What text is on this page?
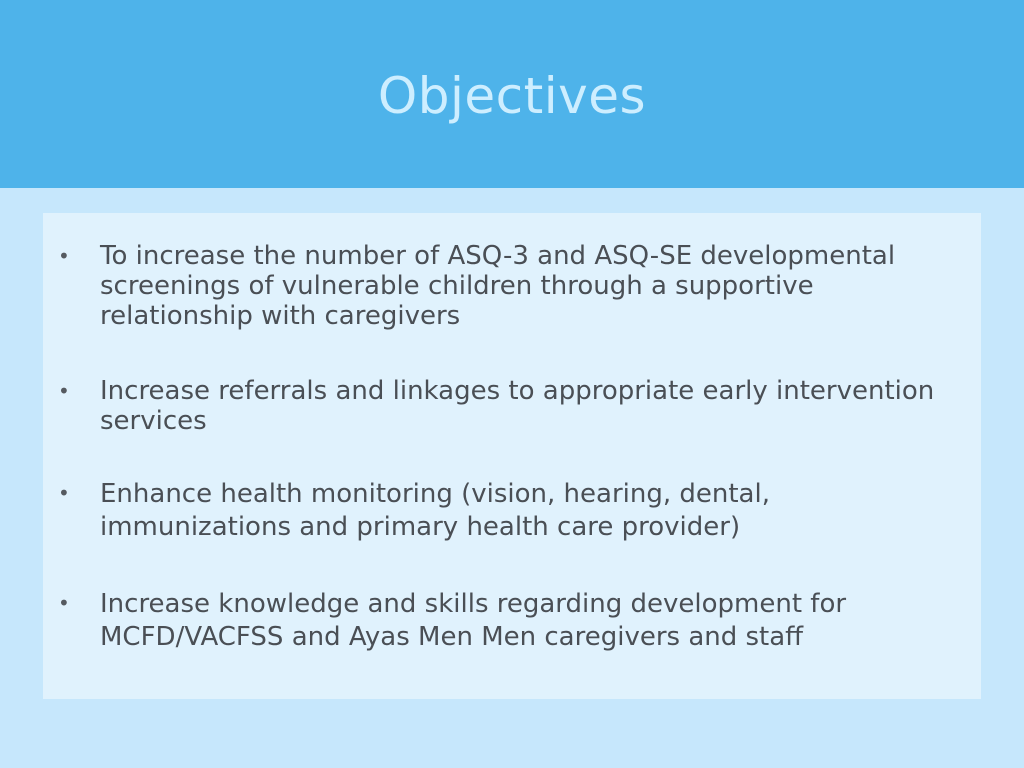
Objectives
• To increase the number of ASQ-3 and ASQ-SE developmental screenings of vulnerable children through a supportive relationship with caregivers
• Increase referrals and linkages to appropriate early intervention services
• Enhance health monitoring (vision, hearing, dental, immunizations and primary health care provider)
• Increase knowledge and skills regarding development for MCFD/VACFSS and Ayas Men Men caregivers and staff
